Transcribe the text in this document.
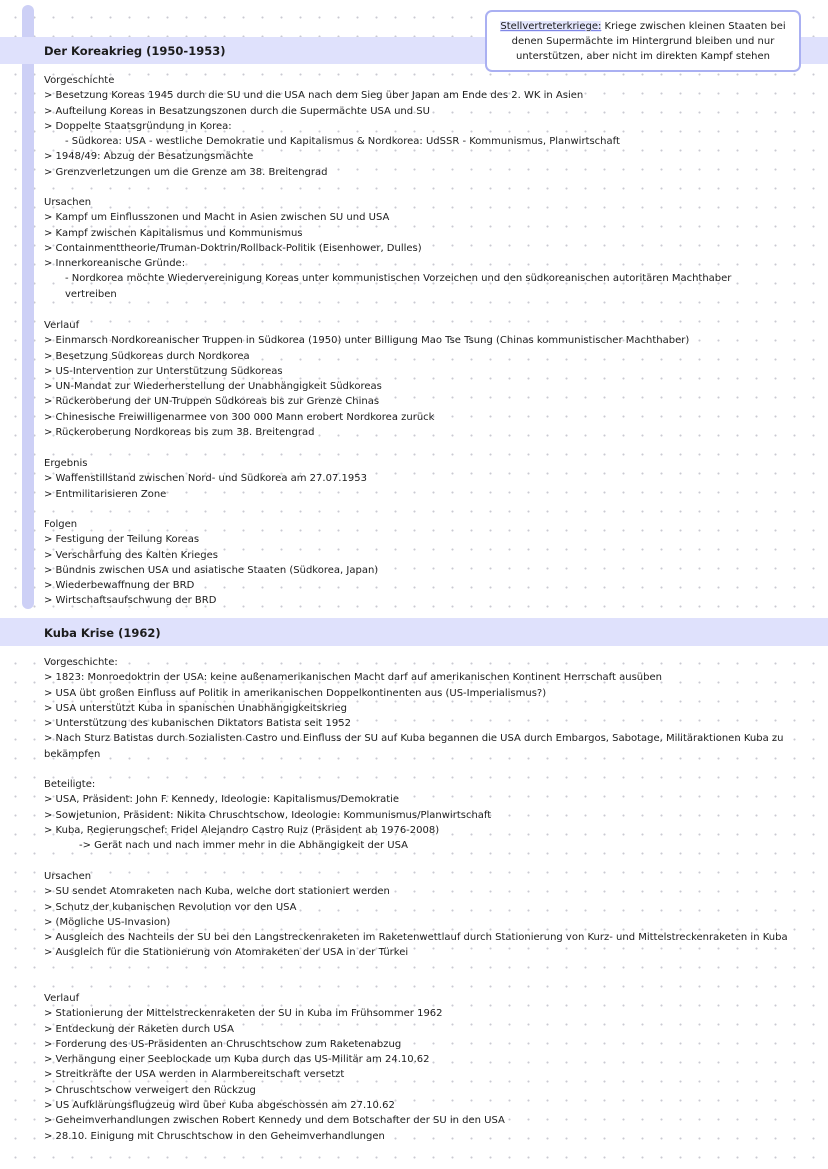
Der Koreakrieg (1950-1953)
Stellvertreterkriege: Kriege zwischen kleinen Staaten bei denen Supermächte im Hintergrund bleiben und nur unterstützen, aber nicht im direkten Kampf stehen
Vorgeschichte
> Besetzung Koreas 1945 durch die SU und die USA nach dem Sieg über Japan am Ende des 2. WK in Asien
> Aufteilung Koreas in Besatzungszonen durch die Supermächte USA und SU
> Doppelte Staatsgründung in Korea:
- Südkorea: USA - westliche Demokratie und Kapitalismus & Nordkorea: UdSSR - Kommunismus, Planwirtschaft
> 1948/49: Abzug der Besatzungsmächte
> Grenzverletzungen um die Grenze am 38. Breitengrad
Ursachen
> Kampf um Einflusszonen und Macht in Asien zwischen SU und USA
> Kampf zwischen Kapitalismus und Kommunismus
> Containmenttheorie/Truman-Doktrin/Rollback-Politik (Eisenhower, Dulles)
> Innerkoreanische Gründe:
- Nordkorea möchte Wiedervereinigung Koreas unter kommunistischen Vorzeichen und den südkoreanischen autoritären Machthaber vertreiben
Verlauf
> Einmarsch Nordkoreanischer Truppen in Südkorea (1950) unter Billigung Mao Tse Tsung (Chinas kommunistischer Machthaber)
> Besetzung Südkoreas durch Nordkorea
> US-Intervention zur Unterstützung Südkoreas
> UN-Mandat zur Wiederherstellung der Unabhängigkeit Südkoreas
> Rückeroberung der UN-Truppen Südkoreas bis zur Grenze Chinas
> Chinesische Freiwilligenarmee von 300 000 Mann erobert Nordkorea zurück
> Rückeroberung Nordkoreas bis zum 38. Breitengrad
Ergebnis
> Waffenstillstand zwischen Nord- und Südkorea am 27.07.1953
> Entmilitarisieren Zone
Folgen
> Festigung der Teilung Koreas
> Verschärfung des Kalten Krieges
> Bündnis zwischen USA und asiatische Staaten (Südkorea, Japan)
> Wiederbewaffnung der BRD
> Wirtschaftsaufschwung der BRD
Kuba Krise (1962)
Vorgeschichte:
> 1823: Monroedoktrin der USA: keine außenamerikanischen Macht darf auf amerikanischen Kontinent Herrschaft ausüben
> USA übt großen Einfluss auf Politik in amerikanischen Doppelkontinenten aus (US-Imperialismus?)
> USA unterstützt Kuba in spanischen Unabhängigkeitskrieg
> Unterstützung des kubanischen Diktators Batista seit 1952
> Nach Sturz Batistas durch Sozialisten Castro und Einfluss der SU auf Kuba begannen die USA durch Embargos, Sabotage, Militäraktionen Kuba zu bekämpfen
Beteiligte:
> USA, Präsident: John F. Kennedy, Ideologie: Kapitalismus/Demokratie
> Sowjetunion, Präsident: Nikita Chruschtschow, Ideologie: Kommunismus/Planwirtschaft
> Kuba, Regierungschef: Fridel Alejandro Castro Ruiz (Präsident ab 1976-2008)
-> Gerät nach und nach immer mehr in die Abhängigkeit der USA
Ursachen
> SU sendet Atomraketen nach Kuba, welche dort stationiert werden
> Schutz der kubanischen Revolution vor den USA
> (Mögliche US-Invasion)
> Ausgleich des Nachteils der SU bei den Langstreckenraketen im Raketenwettlauf durch Stationierung von Kurz- und Mittelstreckenraketen in Kuba
> Ausgleich für die Stationierung von Atomraketen der USA in der Türkei
Verlauf
> Stationierung der Mittelstreckenraketen der SU in Kuba im Frühsommer 1962
> Entdeckung der Raketen durch USA
> Forderung des US-Präsidenten an Chruschtschow zum Raketenabzug
> Verhängung einer Seeblockade um Kuba durch das US-Militär am 24.10.62
> Streitkräfte der USA werden in Alarmbereitschaft versetzt
> Chruschtschow verweigert den Rückzug
> US Aufklärungsflugzeug wird über Kuba abgeschossen am 27.10.62
> Geheimverhandlungen zwischen Robert Kennedy und dem Botschafter der SU in den USA
> 28.10. Einigung mit Chruschtschow in den Geheimverhandlungen
